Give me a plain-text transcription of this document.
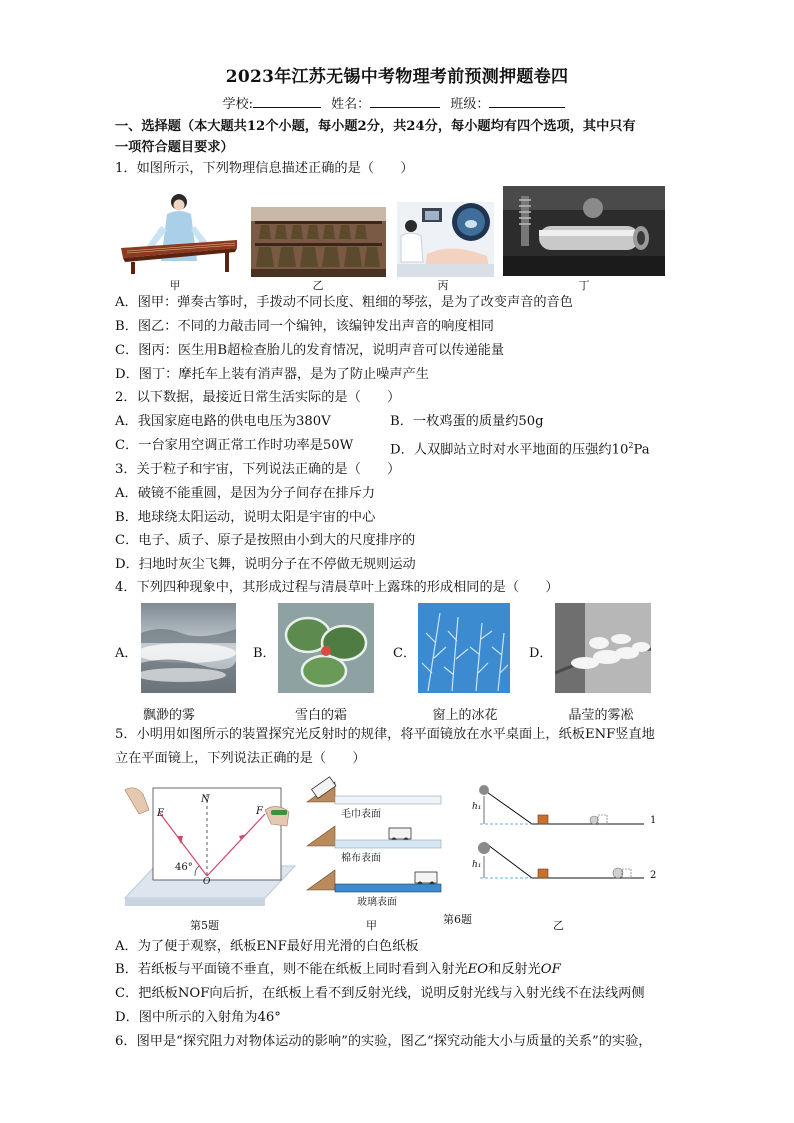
2023年江苏无锡中考物理考前预测押题卷四
学校:	姓名：	班级：
一、选择题（本大题共12个小题，每小题2分，共24分，每小题均有四个选项，其中只有
一项符合题目要求）
1．如图所示，下列物理信息描述正确的是（　　）
甲	乙	丙	丁
A．图甲：弹奏古筝时，手拨动不同长度、粗细的琴弦，是为了改变声音的音色
B．图乙：不同的力敲击同一个编钟，该编钟发出声音的响度相同
C．图丙：医生用B超检查胎儿的发育情况，说明声音可以传递能量
D．图丁：摩托车上装有消声器，是为了防止噪声产生
2．以下数据，最接近日常生活实际的是（　　）
A．我国家庭电路的供电电压为380V	B．一枚鸡蛋的质量约50g
C．一台家用空调正常工作时功率是50W	D．人双脚站立时对水平地面的压强约$10^2Pa$
3．关于粒子和宇宙，下列说法正确的是（　　）
A．破镜不能重圆，是因为分子间存在排斥力
B．地球绕太阳运动，说明太阳是宇宙的中心
C．电子、质子、原子是按照由小到大的尺度排序的
D．扫地时灰尘飞舞，说明分子在不停做无规则运动
4．下列四种现象中，其形成过程与清晨草叶上露珠的形成相同的是（　　）
A．
飘渺的雾
B．
雪白的霜
C．
窗上的冰花
D．
晶莹的雾凇
5．小明用如图所示的装置探究光反射时的规律，将平面镜放在水平桌面上，纸板ENF竖直地
立在平面镜上，下列说法正确的是（　　）
E
N
F
O
46°
第5题
毛巾表面
棉布表面
玻璃表面
甲	第6题
h₁
h₁
1
2
乙
A．为了便于观察，纸板ENF最好用光滑的白色纸板
B．若纸板与平面镜不垂直，则不能在纸板上同时看到入射光EO和反射光OF
C．把纸板NOF向后折，在纸板上看不到反射光线，说明反射光线与入射光线不在法线两侧
D．图中所示的入射角为46°
6．图甲是“探究阻力对物体运动的影响”的实验，图乙“探究动能大小与质量的关系”的实验，
